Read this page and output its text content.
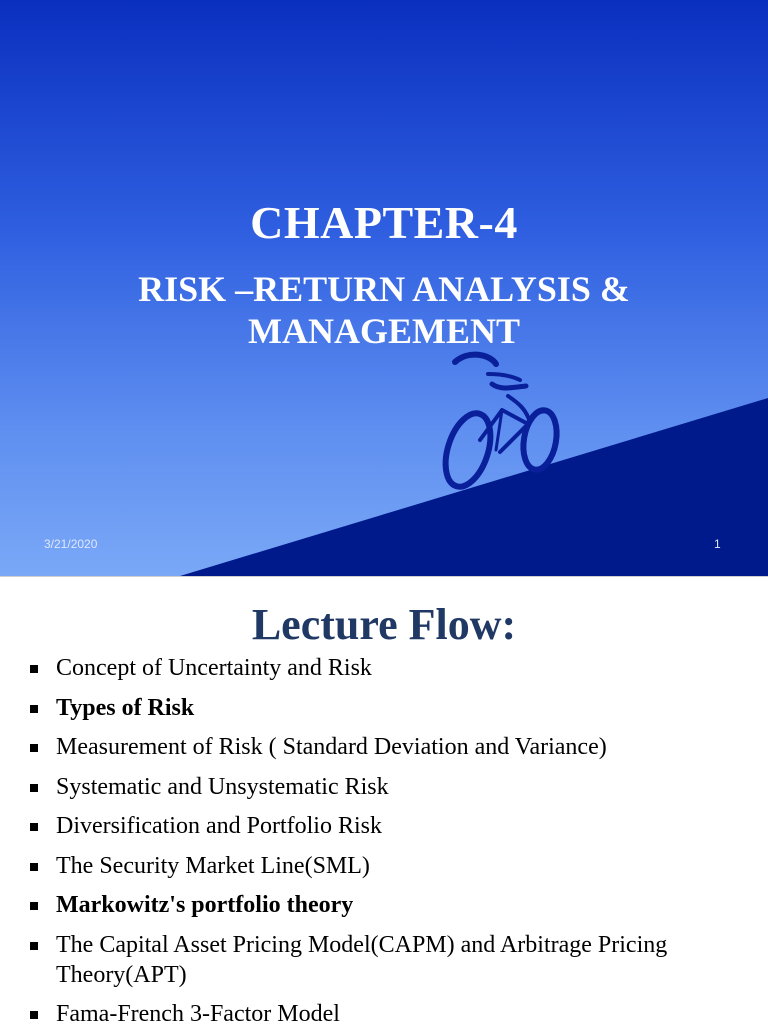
CHAPTER-4
RISK –RETURN ANALYSIS &
MANAGEMENT
3/21/2020	1
Lecture Flow:
Concept of Uncertainty and Risk
Types of Risk
Measurement of Risk ( Standard Deviation and Variance)
Systematic and Unsystematic Risk
Diversification and Portfolio Risk
The Security Market Line(SML)
Markowitz's portfolio theory
The Capital Asset Pricing Model(CAPM) and Arbitrage Pricing Theory(APT)
Fama-French 3-Factor Model
